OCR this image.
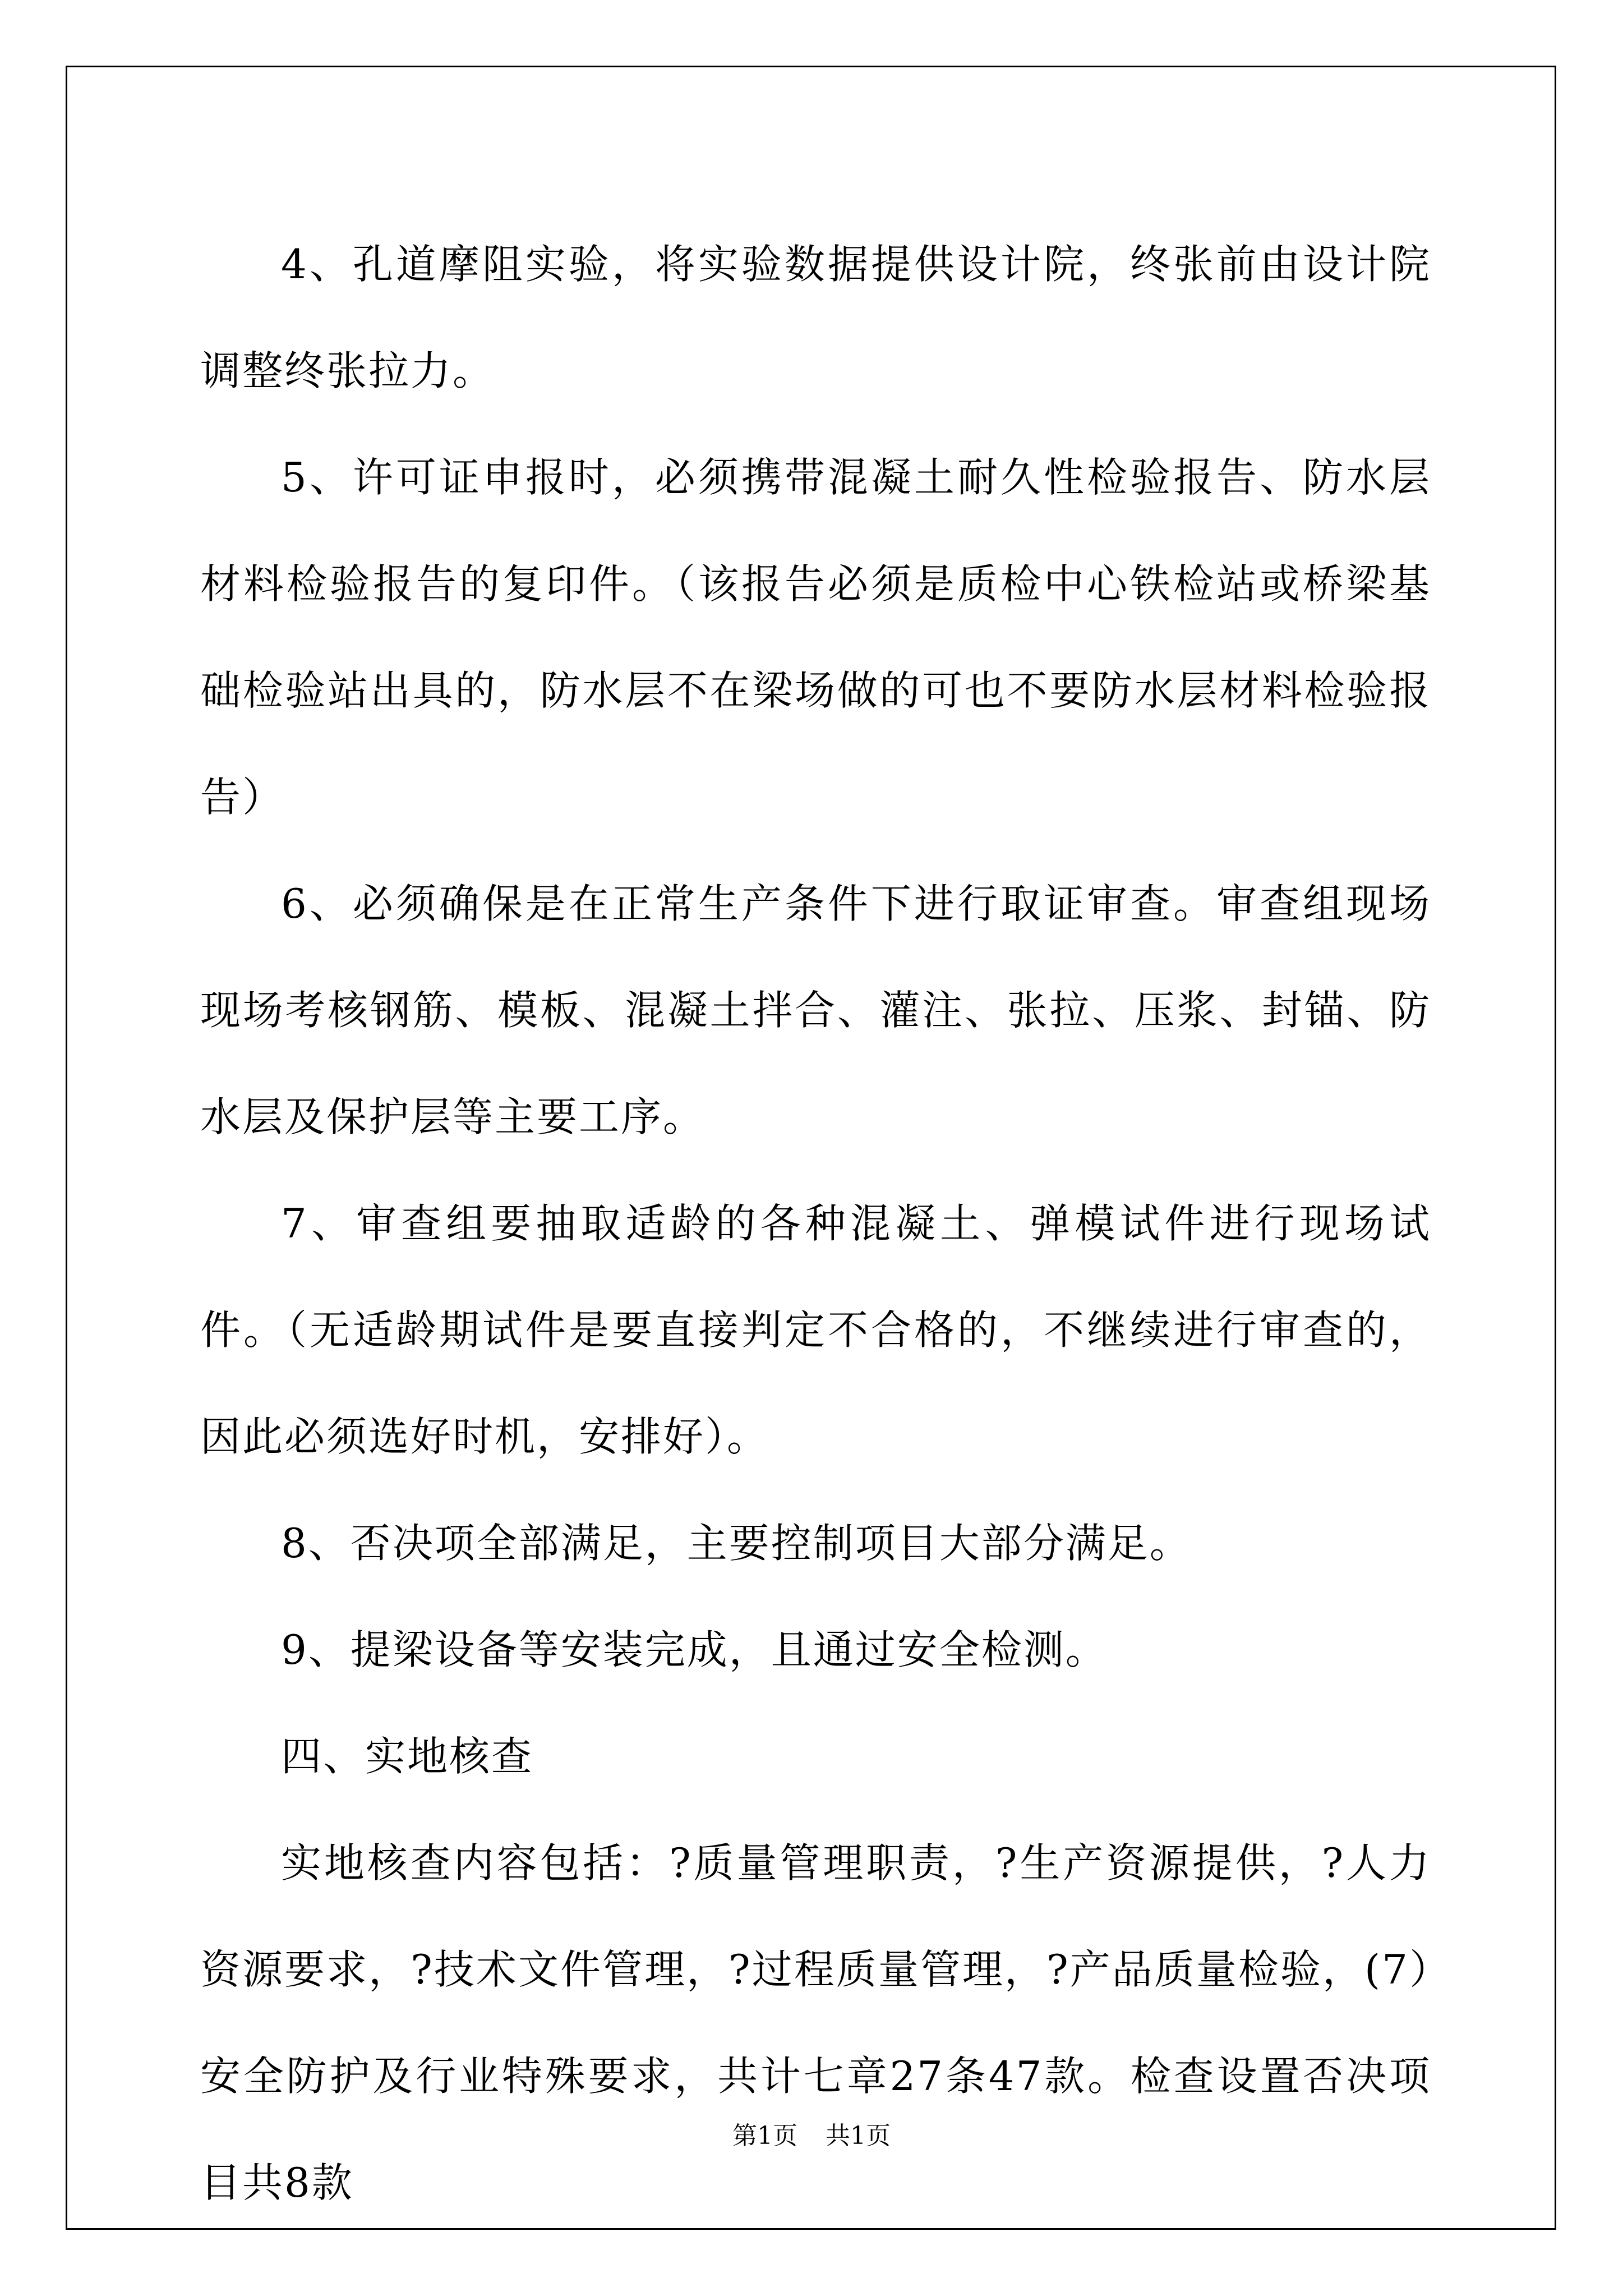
4、孔道摩阻实验，将实验数据提供设计院，终张前由设计院调整终张拉力。

5、许可证申报时，必须携带混凝土耐久性检验报告、防水层材料检验报告的复印件。（该报告必须是质检中心铁检站或桥梁基础检验站出具的，防水层不在梁场做的可也不要防水层材料检验报告）

6、必须确保是在正常生产条件下进行取证审查。审查组现场现场考核钢筋、模板、混凝土拌合、灌注、张拉、压浆、封锚、防水层及保护层等主要工序。

7、审查组要抽取适龄的各种混凝土、弹模试件进行现场试件。（无适龄期试件是要直接判定不合格的，不继续进行审查的，因此必须选好时机，安排好）。

8、否决项全部满足，主要控制项目大部分满足。

9、提梁设备等安装完成，且通过安全检测。

四、实地核查

实地核查内容包括：?质量管理职责，?生产资源提供，?人力资源要求，?技术文件管理，?过程质量管理，?产品质量检验，(7）安全防护及行业特殊要求，共计七章27条47款。检查设置否决项目共8款

第1页 共1页
